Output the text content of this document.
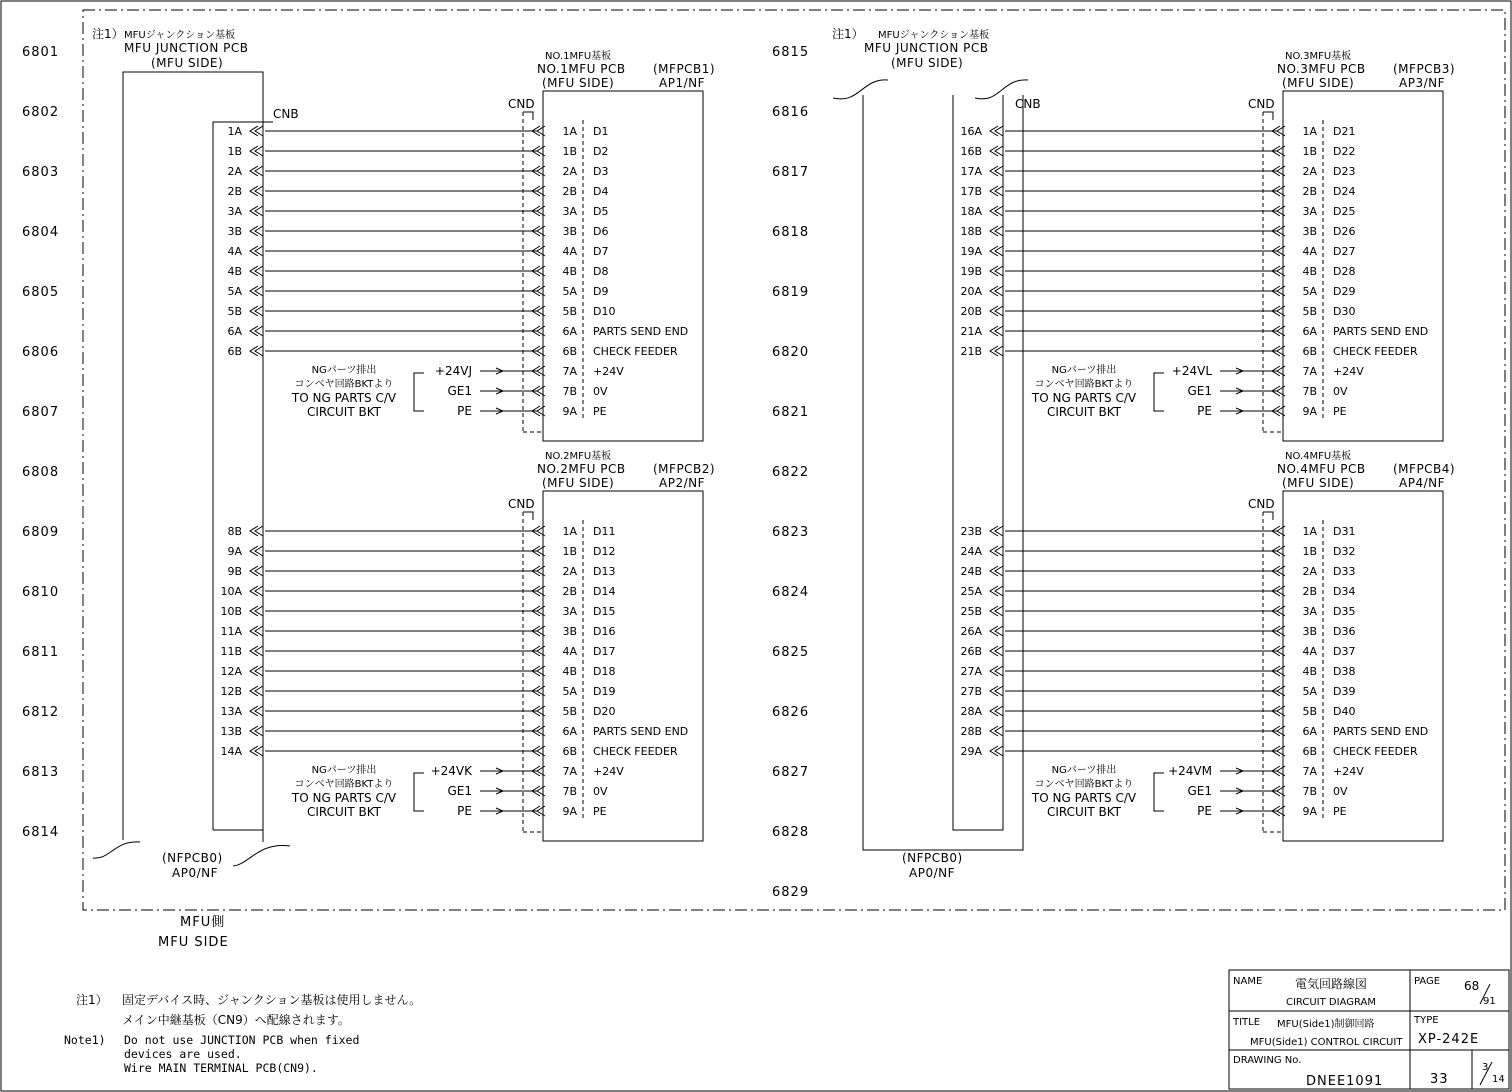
6801
6802
6803
6804
6805
6806
6807
6808
6809
6810
6811
6812
6813
6814
6815
6816
6817
6818
6819
6820
6821
6822
6823
6824
6825
6826
6827
6828
6829
注1） MFUジャンクション基板
MFU JUNCTION PCB
(MFU SIDE)
CNB
(NFPCB0)
AP0/NF
注1） MFUジャンクション基板
MFU JUNCTION PCB
(MFU SIDE)
CNB
(NFPCB0)
AP0/NF
NO.1MFU基板
NO.1MFU PCB (MFPCB1)
(MFU SIDE)	AP1/NF
CND
1A	1A D1
1B	1B D2
2A	2A D3
2B	2B D4
3A	3A D5
3B	3B D6
4A	4A D7
4B	4B D8
5A	5A D9
5B	5B D10
6A	6A PARTS SEND END
6B	6B CHECK FEEDER
+24VJ	7A +24V
GE1	7B 0V
PE	9A PE
NGパーツ排出
コンベヤ回路BKTより
TO NG PARTS C/V
CIRCUIT BKT
NO.2MFU基板
NO.2MFU PCB (MFPCB2)
(MFU SIDE)	AP2/NF
CND
8B	1A D11
9A	1B D12
9B	2A D13
10A	2B D14
10B	3A D15
11A	3B D16
11B	4A D17
12A	4B D18
12B	5A D19
13A	5B D20
13B	6A PARTS SEND END
14A	6B CHECK FEEDER
+24VK	7A +24V
GE1	7B 0V
PE	9A PE
NGパーツ排出
コンベヤ回路BKTより
TO NG PARTS C/V
CIRCUIT BKT
NO.3MFU基板
NO.3MFU PCB (MFPCB3)
(MFU SIDE)	AP3/NF
CND
16A	1A D21
16B	1B D22
17A	2A D23
17B	2B D24
18A	3A D25
18B	3B D26
19A	4A D27
19B	4B D28
20A	5A D29
20B	5B D30
21A	6A PARTS SEND END
21B	6B CHECK FEEDER
+24VL	7A +24V
GE1	7B 0V
PE	9A PE
NGパーツ排出
コンベヤ回路BKTより
TO NG PARTS C/V
CIRCUIT BKT
NO.4MFU基板
NO.4MFU PCB (MFPCB4)
(MFU SIDE)	AP4/NF
CND
23B	1A D31
24A	1B D32
24B	2A D33
25A	2B D34
25B	3A D35
26A	3B D36
26B	4A D37
27A	4B D38
27B	5A D39
28A	5B D40
28B	6A PARTS SEND END
29A	6B CHECK FEEDER
+24VM	7A +24V
GE1	7B 0V
PE	9A PE
NGパーツ排出
コンベヤ回路BKTより
TO NG PARTS C/V
CIRCUIT BKT
MFU側
MFU SIDE
注1） 固定デバイス時、ジャンクション基板は使用しません。
メイン中継基板（CN9）へ配線されます。
Note1) Do not use JUNCTION PCB when fixed
devices are used.
Wire MAIN TERMINAL PCB(CN9).
NAME	電気回路線図
CIRCUIT DIAGRAM
PAGE 68
91
TITLE MFU(Side1)制御回路
MFU(Side1) CONTROL CIRCUIT
TYPE
XP-242E
DRAWING No.
DNEE1091	33
3
14
